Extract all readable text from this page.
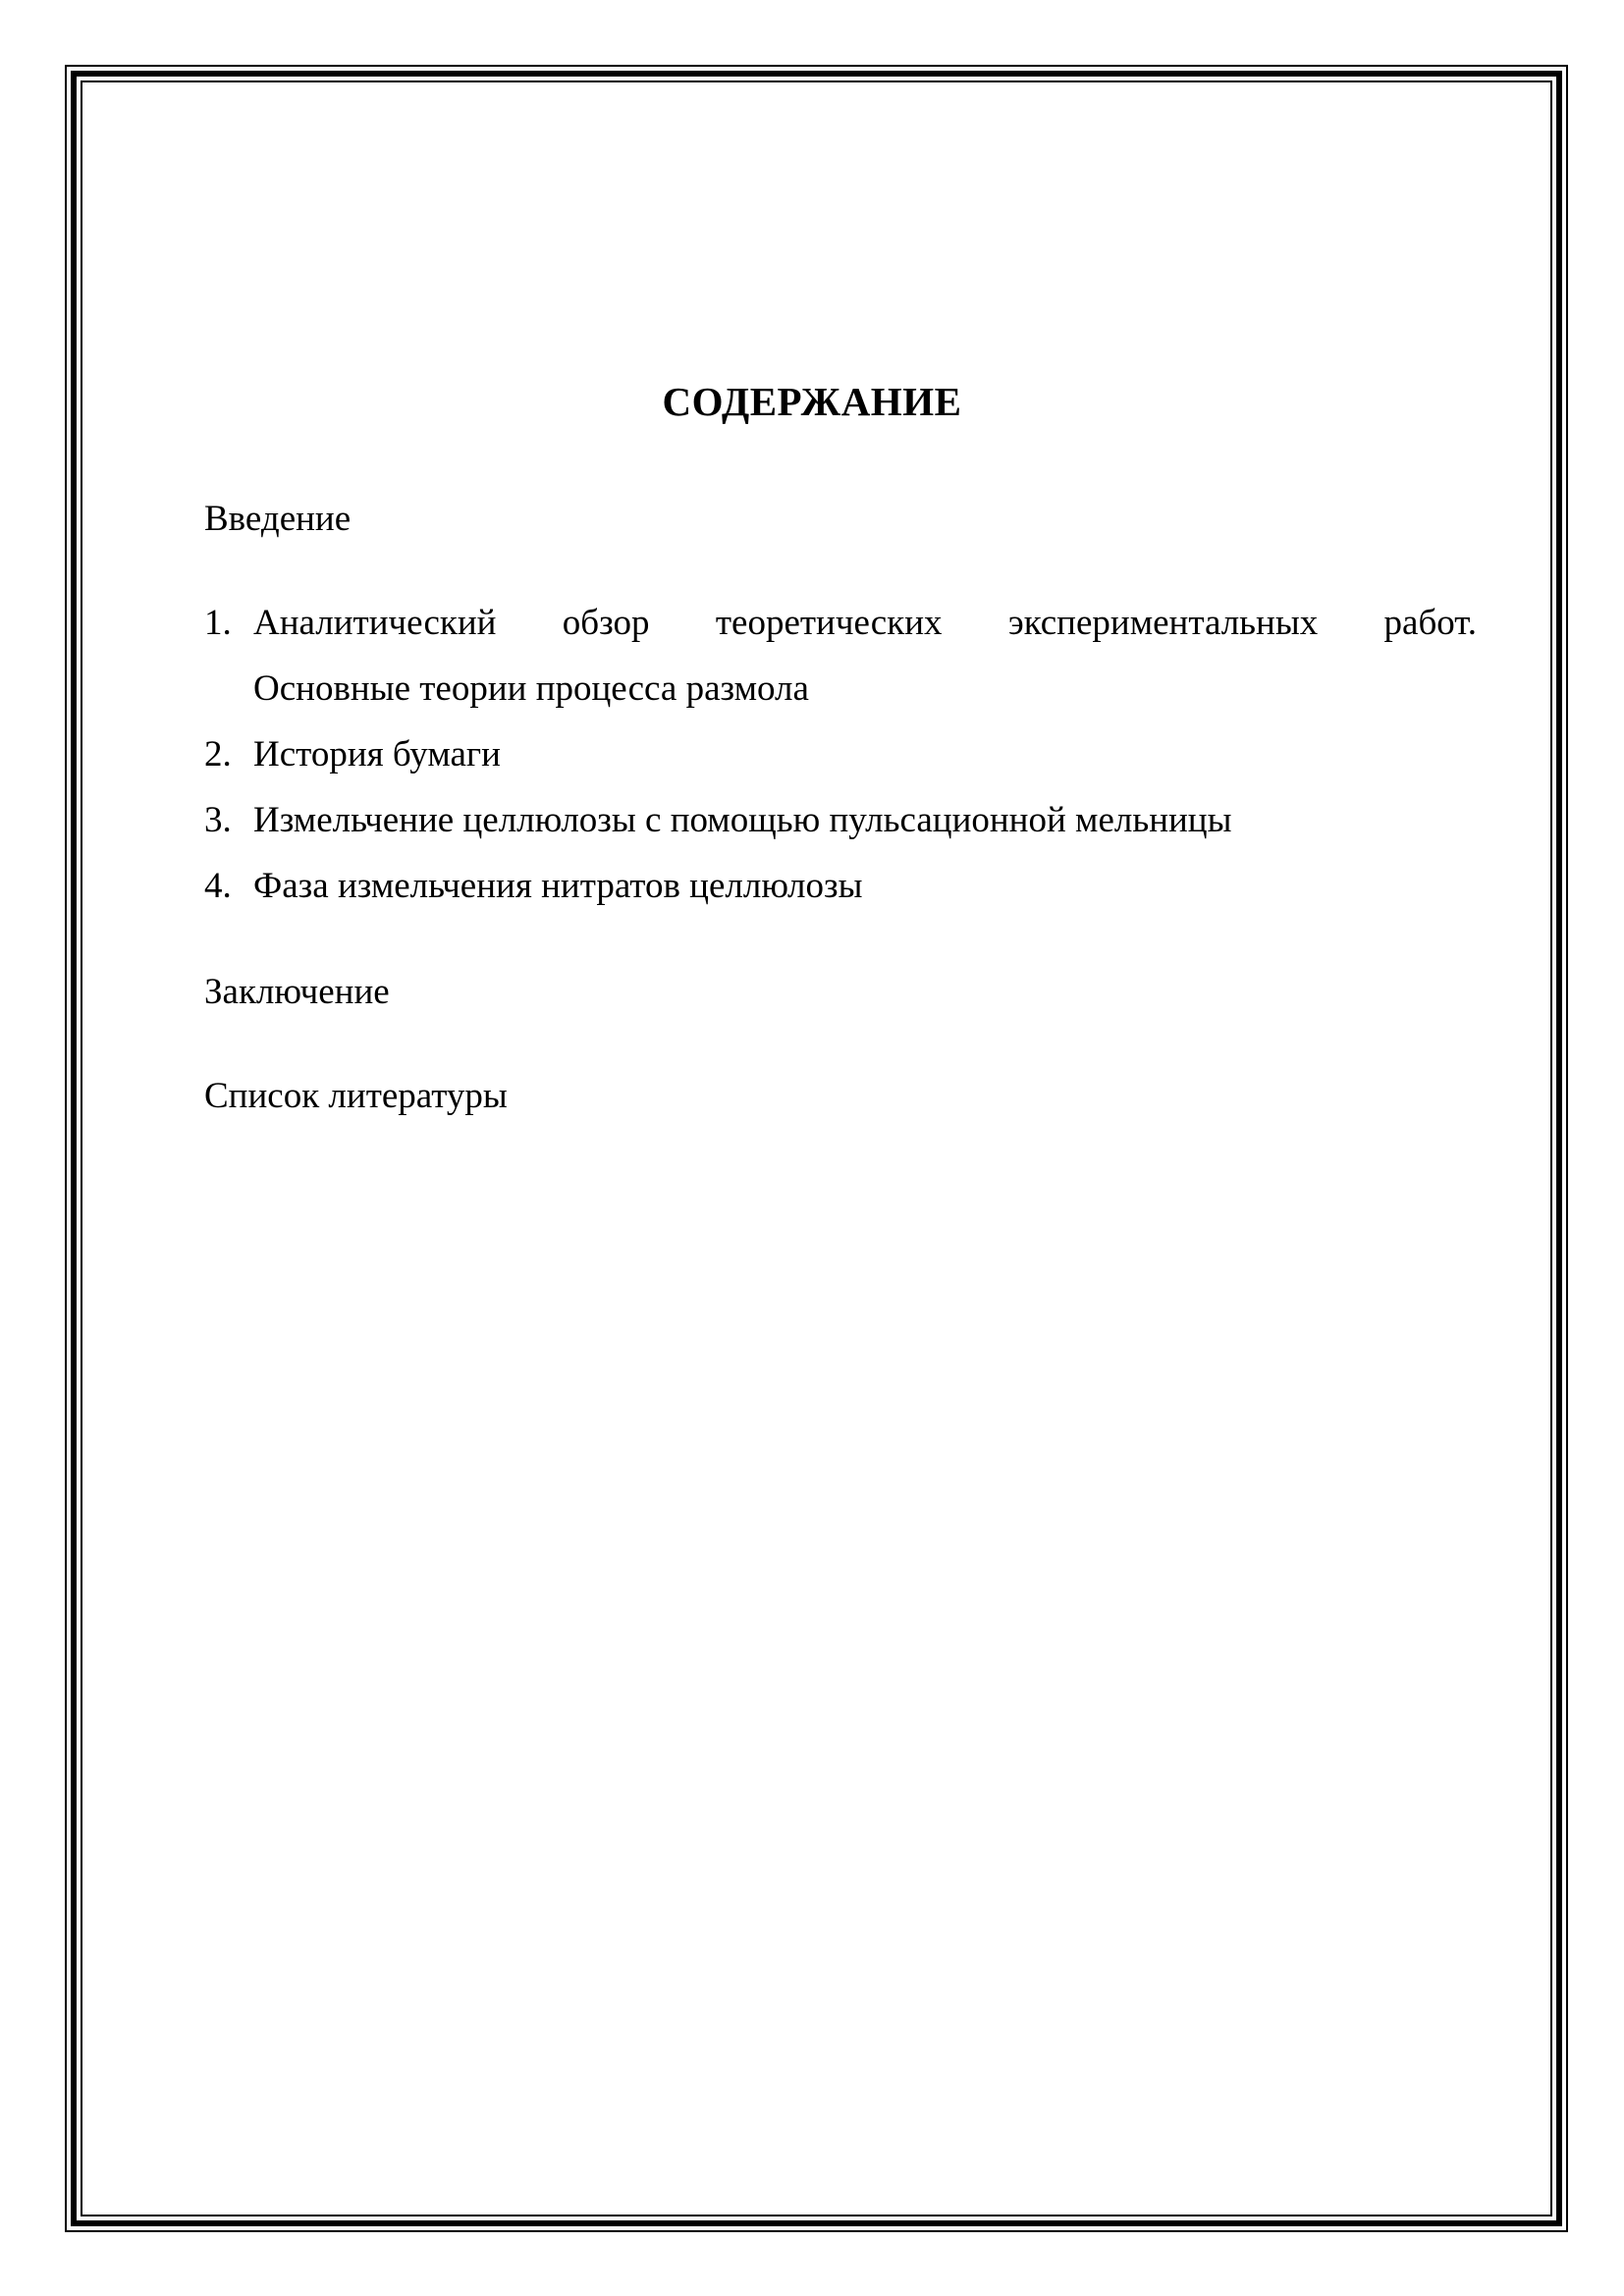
СОДЕРЖАНИЕ

Введение

1. Аналитический обзор теоретических экспериментальных работ.
Основные теории процесса размола
2. История бумаги
3. Измельчение целлюлозы с помощью пульсационной мельницы
4. Фаза измельчения нитратов целлюлозы

Заключение

Список литературы
